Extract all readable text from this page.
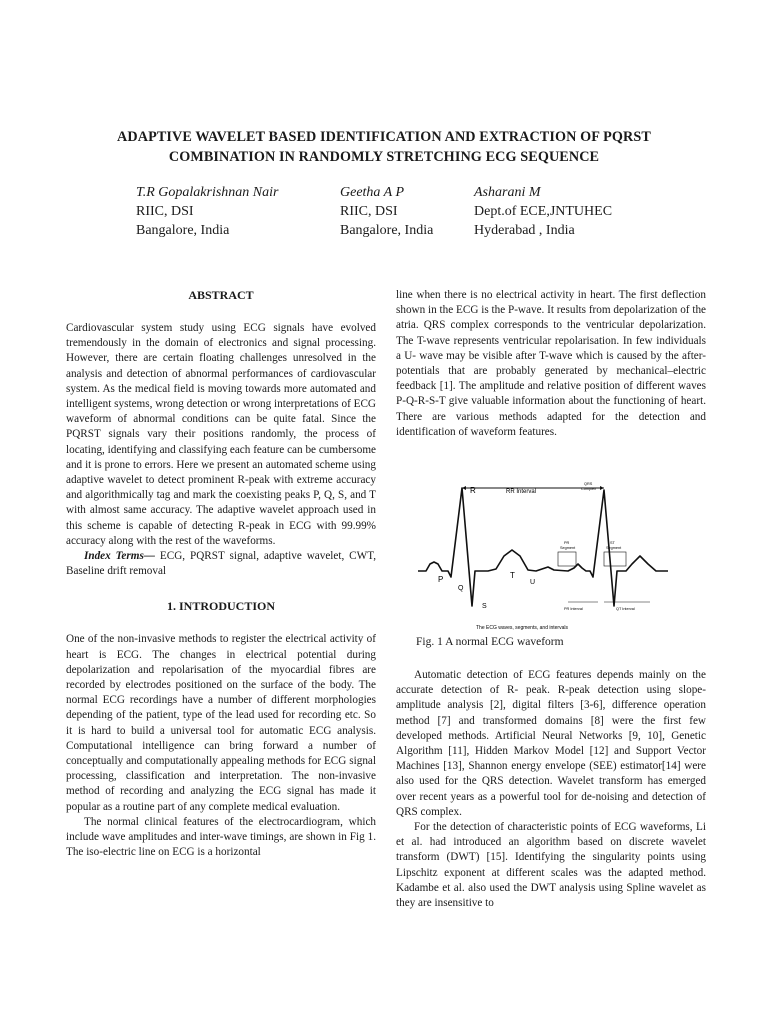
ADAPTIVE WAVELET BASED IDENTIFICATION AND EXTRACTION OF PQRST
COMBINATION IN RANDOMLY STRETCHING ECG SEQUENCE
T.R Gopalakrishnan Nair
RIIC, DSI
Bangalore, India
Geetha A P
RIIC, DSI
Bangalore, India
Asharani M
Dept.of ECE,JNTUHEC
Hyderabad , India

ABSTRACT

Cardiovascular system study using ECG signals have evolved tremendously in the domain of electronics and signal processing. However, there are certain floating challenges unresolved in the analysis and detection of abnormal performances of cardiovascular system. As the medical field is moving towards more automated and intelligent systems, wrong detection or wrong interpretations of ECG waveform of abnormal conditions can be quite fatal. Since the PQRST signals vary their positions randomly, the process of locating, identifying and classifying each feature can be cumbersome and it is prone to errors. Here we present an automated scheme using adaptive wavelet to detect prominent R-peak with extreme accuracy and algorithmically tag and mark the coexisting peaks P, Q, S, and T with almost same accuracy. The adaptive wavelet approach used in this scheme is capable of detecting R-peak in ECG with 99.99% accuracy along with the rest of the waveforms.

Index Terms— ECG, PQRST signal, adaptive wavelet, CWT, Baseline drift removal

1. INTRODUCTION

One of the non-invasive methods to register the electrical activity of heart is ECG. The changes in electrical potential during depolarization and repolarisation of the myocardial fibres are recorded by electrodes positioned on the surface of the body. The normal ECG recordings have a number of different morphologies depending of the patient, type of the lead used for recording etc. So it is hard to build a universal tool for automatic ECG analysis. Computational intelligence can bring forward a number of conceptually and computationally appealing methods for ECG signal processing, classification and interpretation. The non-invasive method of recording and analyzing the ECG signal has made it popular as a routine part of any complete medical evaluation.

The normal clinical features of the electrocardiogram, which include wave amplitudes and inter-wave timings, are shown in Fig 1. The iso-electric line on ECG is a horizontal

line when there is no electrical activity in heart. The first deflection shown in the ECG is the P-wave. It results from depolarization of the atria. QRS complex corresponds to the ventricular depolarization. The T-wave represents ventricular repolarisation. In few individuals a U- wave may be visible after T-wave which is caused by the after-potentials that are probably generated by mechanical–electric feedback [1]. The amplitude and relative position of different waves P-Q-R-S-T give valuable information about the functioning of heart. There are various methods adapted for the detection and identification of waveform features.

R	RR Interval
QRS
Complex
PR
Segment
ST
Segment
P
Q
S
T
U
PR Interval	QT Interval
The ECG waves, segments, and intervals
Fig. 1 A normal ECG waveform

Automatic detection of ECG features depends mainly on the accurate detection of R- peak. R-peak detection using slope- amplitude analysis [2], digital filters [3-6], difference operation method [7] and transformed domains [8] were the first few developed methods. Artificial Neural Networks [9, 10], Genetic Algorithm [11], Hidden Markov Model [12] and Support Vector Machines [13], Shannon energy envelope (SEE) estimator[14] were also used for the QRS detection. Wavelet transform has emerged over recent years as a powerful tool for de-noising and detection of QRS complex.

For the detection of characteristic points of ECG waveforms, Li et al. had introduced an algorithm based on discrete wavelet transform (DWT) [15]. Identifying the singularity points using Lipschitz exponent at different scales was the adapted method. Kadambe et al. also used the DWT analysis using Spline wavelet as they are insensitive to
